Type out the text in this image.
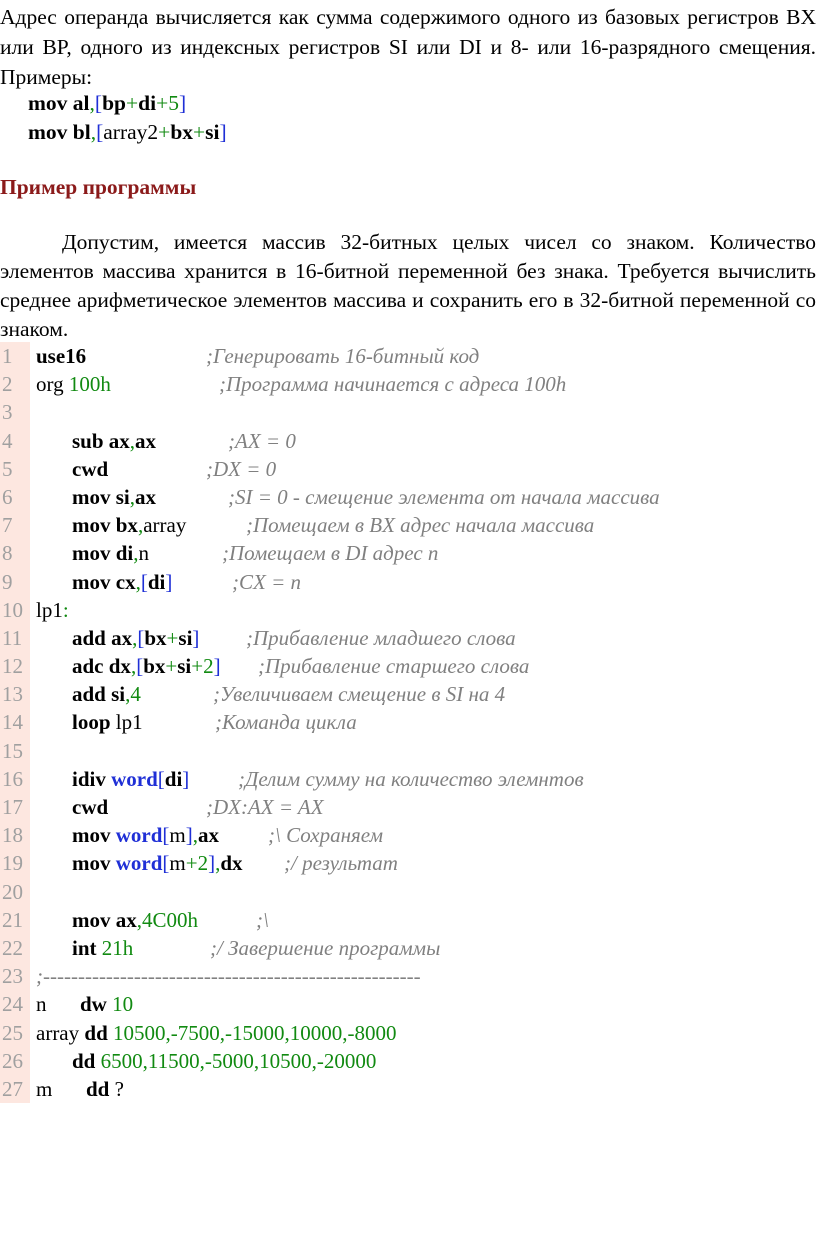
Адрес операнда вычисляется как сумма содержимого одного из базовых регистров BX или BP, одного из индексных регистров SI или DI и 8- или 16-разрядного смещения. Примеры:

mov al,[bp+di+5]
mov bl,[array2+bx+si]
Пример программы

Допустим, имеется массив 32-битных целых чисел со знаком. Количество элементов массива хранится в 16-битной переменной без знака. Требуется вычислить среднее арифметическое элементов массива и сохранить его в 32-битной переменной со знаком.

1	use16	;Генерировать 16-битный код
2	org 100h	;Программа начинается с адреса 100h
3
4	sub ax,ax	;AX = 0
5	cwd	;DX = 0
6	mov si,ax	;SI = 0 - смещение элемента от начала массива
7	mov bx,array	;Помещаем в BX адрес начала массива
8	mov di,n	;Помещаем в DI адрес n
9	mov cx,[di]	;CX = n
10 lp1:
11	add ax,[bx+si] ;Прибавление младшего слова
12	adc dx,[bx+si+2] ;Прибавление старшего слова
13	add si,4	;Увеличиваем смещение в SI на 4
14	loop lp1	;Команда цикла
15
16	idiv word[di] ;Делим сумму на количество элемнтов
17	cwd	;DX:AX = AX
18	mov word[m],ax ;\ Сохраняем
19	mov word[m+2],dx ;/ результат
20
21	mov ax,4C00h	;\
22	int 21h	;/ Завершение программы
23 ;------------------------------------------------------
24 n dw 10
25 array dd 10500,-7500,-15000,10000,-8000
26	dd 6500,11500,-5000,10500,-20000
27 m dd ?
